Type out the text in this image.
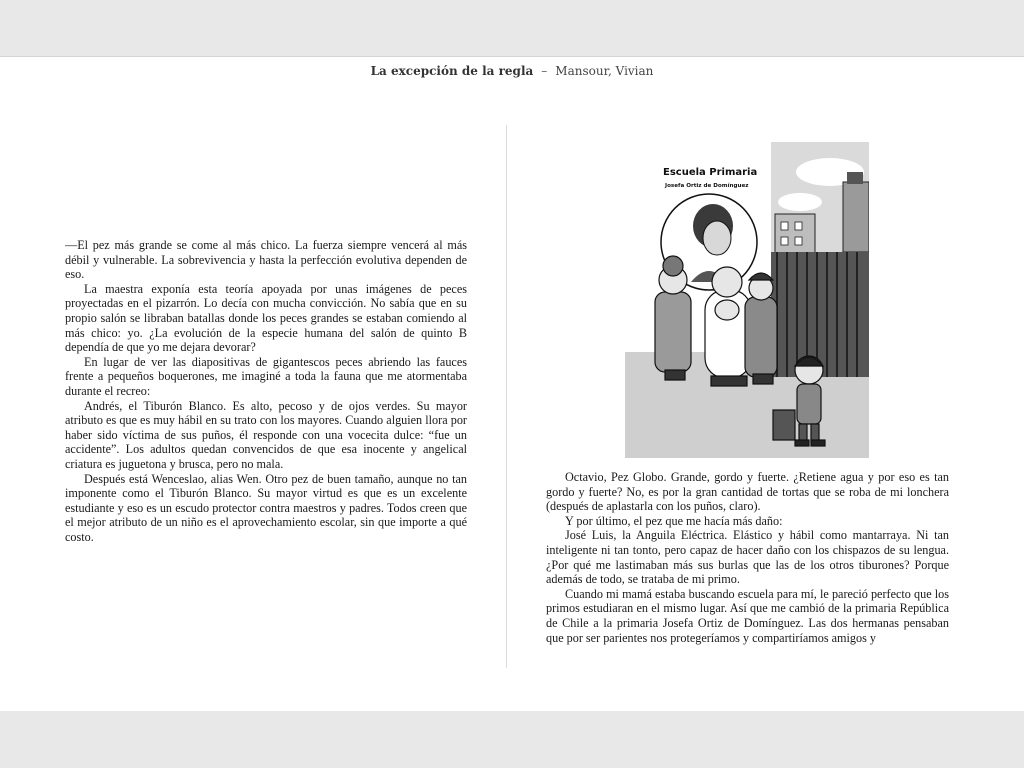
La excepción de la regla – Mansour, Vivian

—El pez más grande se come al más chico. La fuerza siempre vencerá al más débil y vulnerable. La sobrevivencia y hasta la perfección evolutiva dependen de eso.

La maestra exponía esta teoría apoyada por unas imágenes de peces proyectadas en el pizarrón. Lo decía con mucha convicción. No sabía que en su propio salón se libraban batallas donde los peces grandes se estaban comiendo al más chico: yo. ¿La evolución de la especie humana del salón de quinto B dependía de que yo me dejara devorar?

En lugar de ver las diapositivas de gigantescos peces abriendo las fauces frente a pequeños boquerones, me imaginé a toda la fauna que me atormentaba durante el recreo:

Andrés, el Tiburón Blanco. Es alto, pecoso y de ojos verdes. Su mayor atributo es que es muy hábil en su trato con los mayores. Cuando alguien llora por haber sido víctima de sus puños, él responde con una vocecita dulce: “fue un accidente”. Los adultos quedan convencidos de que esa inocente y angelical criatura es juguetona y brusca, pero no mala.

Después está Wenceslao, alias Wen. Otro pez de buen tamaño, aunque no tan imponente como el Tiburón Blanco. Su mayor virtud es que es un excelente estudiante y eso es un escudo protector contra maestros y padres. Todos creen que el mejor atributo de un niño es el aprovechamiento escolar, sin que importe a qué costo.

Escuela Primaria
Josefa Ortiz de Domínguez

Octavio, Pez Globo. Grande, gordo y fuerte. ¿Retiene agua y por eso es tan gordo y fuerte? No, es por la gran cantidad de tortas que se roba de mi lonchera (después de aplastarla con los puños, claro).

Y por último, el pez que me hacía más daño:

José Luis, la Anguila Eléctrica. Elástico y hábil como mantarraya. Ni tan inteligente ni tan tonto, pero capaz de hacer daño con los chispazos de su lengua. ¿Por qué me lastimaban más sus burlas que las de los otros tiburones? Porque además de todo, se trataba de mi primo.

Cuando mi mamá estaba buscando escuela para mí, le pareció perfecto que los primos estudiaran en el mismo lugar. Así que me cambió de la primaria República de Chile a la primaria Josefa Ortiz de Domínguez. Las dos hermanas pensaban que por ser parientes nos protegeríamos y compartiríamos amigos y
